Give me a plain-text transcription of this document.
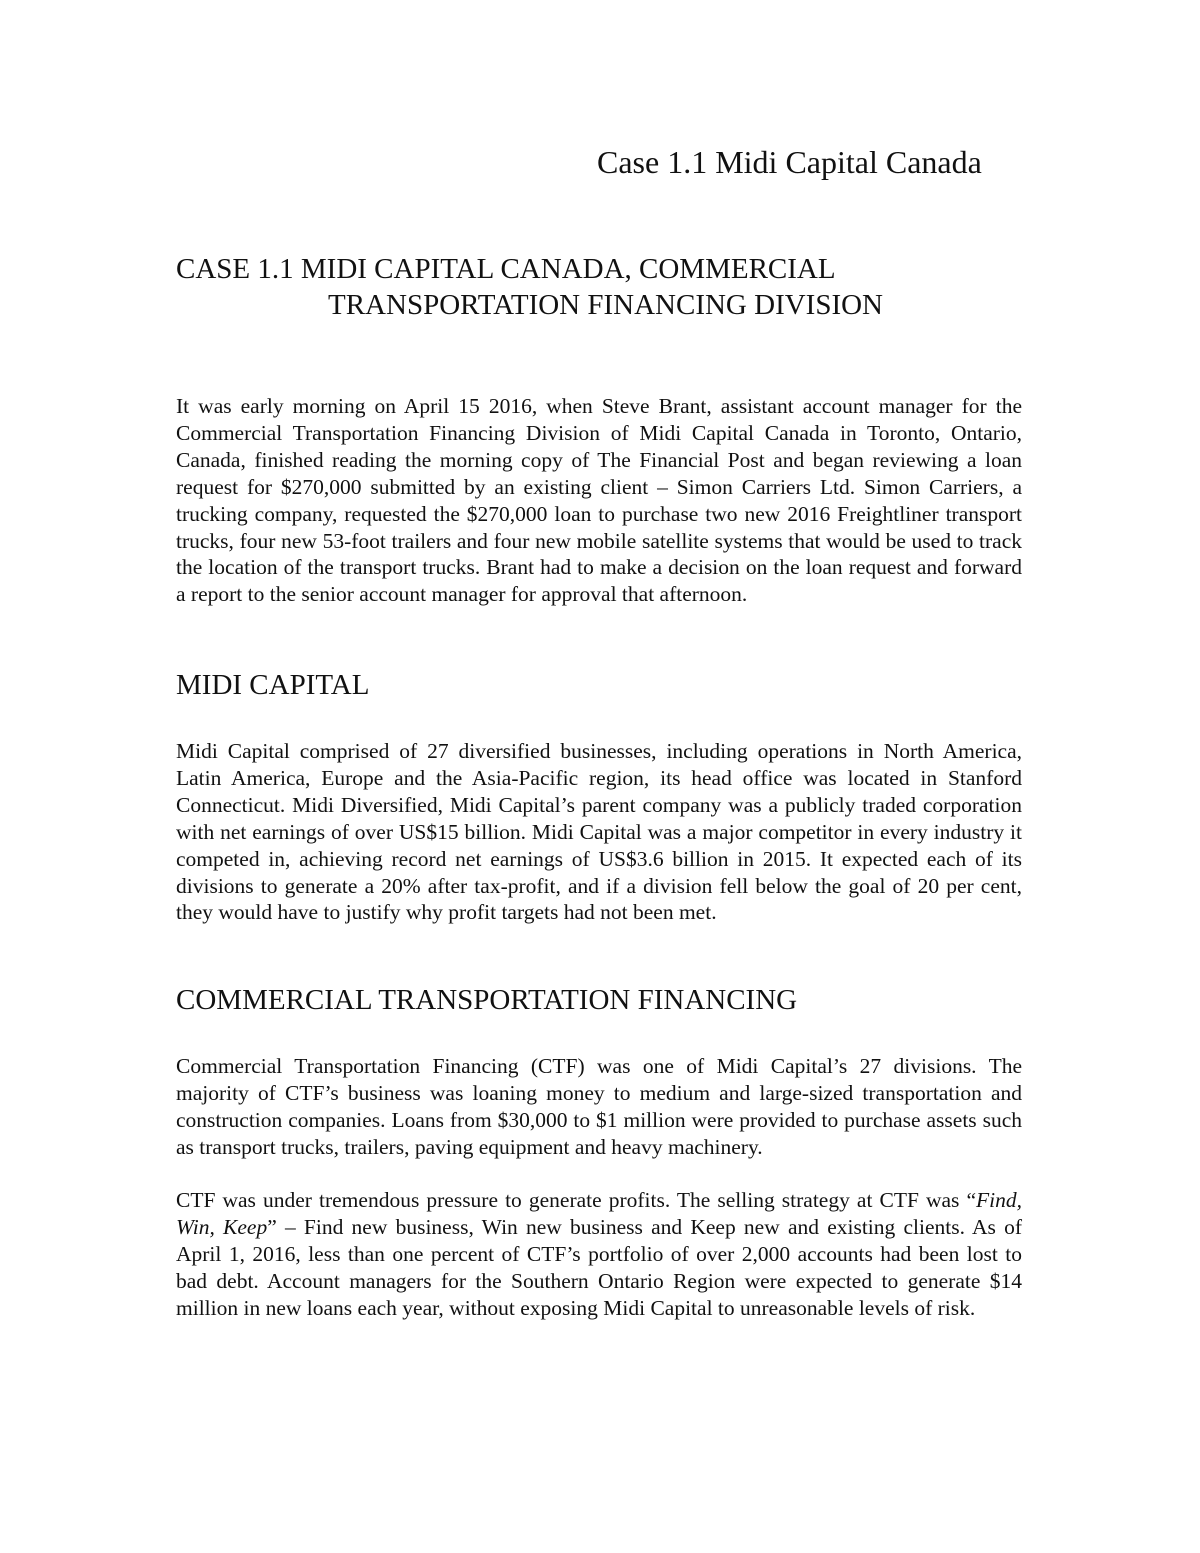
Case 1.1 Midi Capital Canada
CASE 1.1 MIDI CAPITAL CANADA, COMMERCIAL
TRANSPORTATION FINANCING DIVISION

It was early morning on April 15 2016, when Steve Brant, assistant account manager for the Commercial Transportation Financing Division of Midi Capital Canada in Toronto, Ontario, Canada, finished reading the morning copy of The Financial Post and began reviewing a loan request for $270,000 submitted by an existing client – Simon Carriers Ltd. Simon Carriers, a trucking company, requested the $270,000 loan to purchase two new 2016 Freightliner transport trucks, four new 53-foot trailers and four new mobile satellite systems that would be used to track the location of the transport trucks. Brant had to make a decision on the loan request and forward a report to the senior account manager for approval that afternoon.

MIDI CAPITAL

Midi Capital comprised of 27 diversified businesses, including operations in North America, Latin America, Europe and the Asia-Pacific region, its head office was located in Stanford Connecticut. Midi Diversified, Midi Capital’s parent company was a publicly traded corporation with net earnings of over US$15 billion. Midi Capital was a major competitor in every industry it competed in, achieving record net earnings of US$3.6 billion in 2015. It expected each of its divisions to generate a 20% after tax-profit, and if a division fell below the goal of 20 per cent, they would have to justify why profit targets had not been met.

COMMERCIAL TRANSPORTATION FINANCING

Commercial Transportation Financing (CTF) was one of Midi Capital’s 27 divisions. The majority of CTF’s business was loaning money to medium and large-sized transportation and construction companies. Loans from $30,000 to $1 million were provided to purchase assets such as transport trucks, trailers, paving equipment and heavy machinery.

CTF was under tremendous pressure to generate profits. The selling strategy at CTF was “Find, Win, Keep” – Find new business, Win new business and Keep new and existing clients. As of April 1, 2016, less than one percent of CTF’s portfolio of over 2,000 accounts had been lost to bad debt. Account managers for the Southern Ontario Region were expected to generate $14 million in new loans each year, without exposing Midi Capital to unreasonable levels of risk.
